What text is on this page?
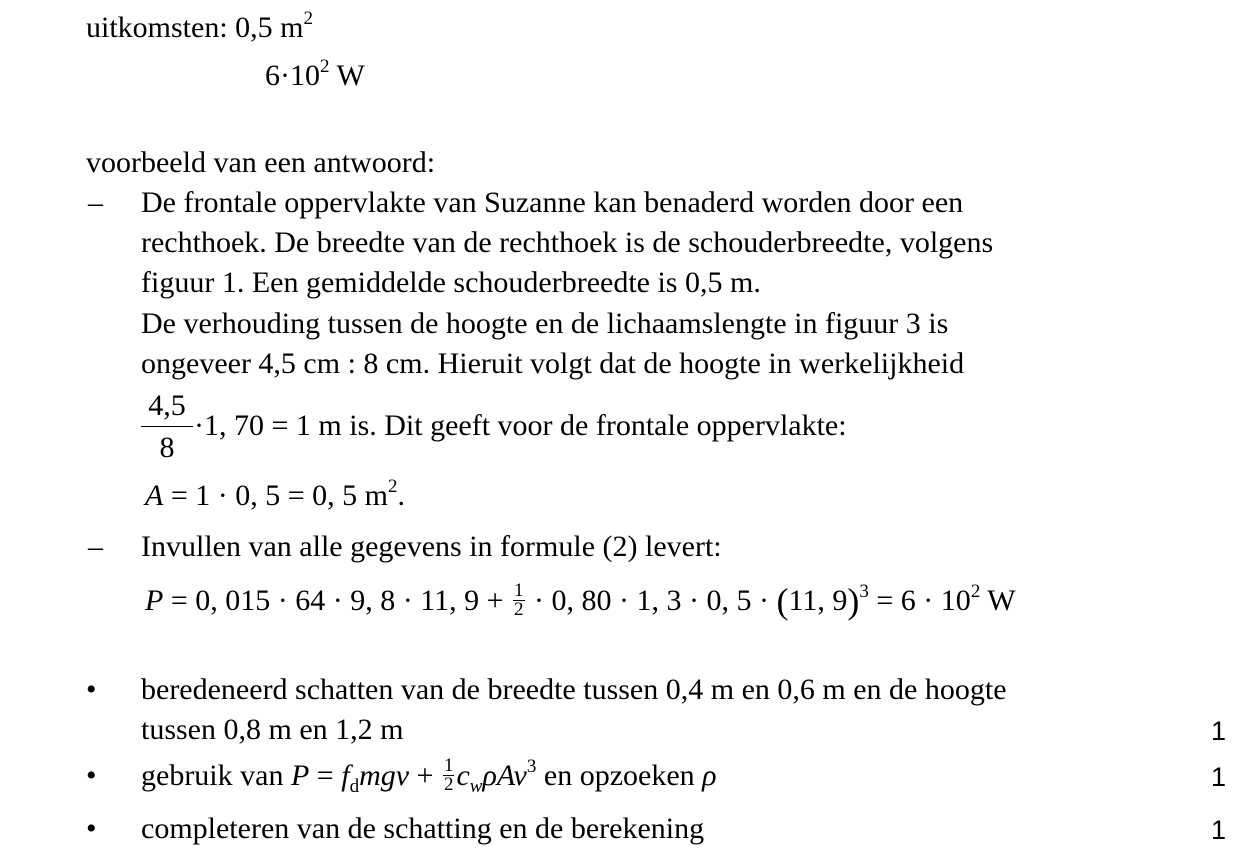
uitkomsten: 0,5 $m^2$
$6\cdot 10^2$ W
voorbeeld van een antwoord:
– De frontale oppervlakte van Suzanne kan benaderd worden door een
rechthoek. De breedte van de rechthoek is de schouderbreedte, volgens
figuur 1. Een gemiddelde schouderbreedte is 0,5 m.
De verhouding tussen de hoogte en de lichaamslengte in figuur 3 is
ongeveer 4,5 cm : 8 cm. Hieruit volgt dat de hoogte in werkelijkheid
4,5
8
·1, 70 = 1 m is. Dit geeft voor de frontale oppervlakte:
A = 1 · 0, 5 = 0, 5 $m^2$.
– Invullen van alle gegevens in formule (2) levert:
P = 0, 015 · 64 · 9, 8 · 11, $9 + \frac{1}{2} \cdot 0$, 80 · 1, 3 · 0, 5 · (11, $9)^3 = 6 \cdot 10^2$ W
• beredeneerd schatten van de breedte tussen 0,4 m en 0,6 m en de hoogte
tussen 0,8 m en 1,2 m	1
• gebruik van $P = f_dmgv + \frac{1}{2} c_w\rho Av^3$ en opzoeken ρ	1
• completeren van de schatting en de berekening	1
